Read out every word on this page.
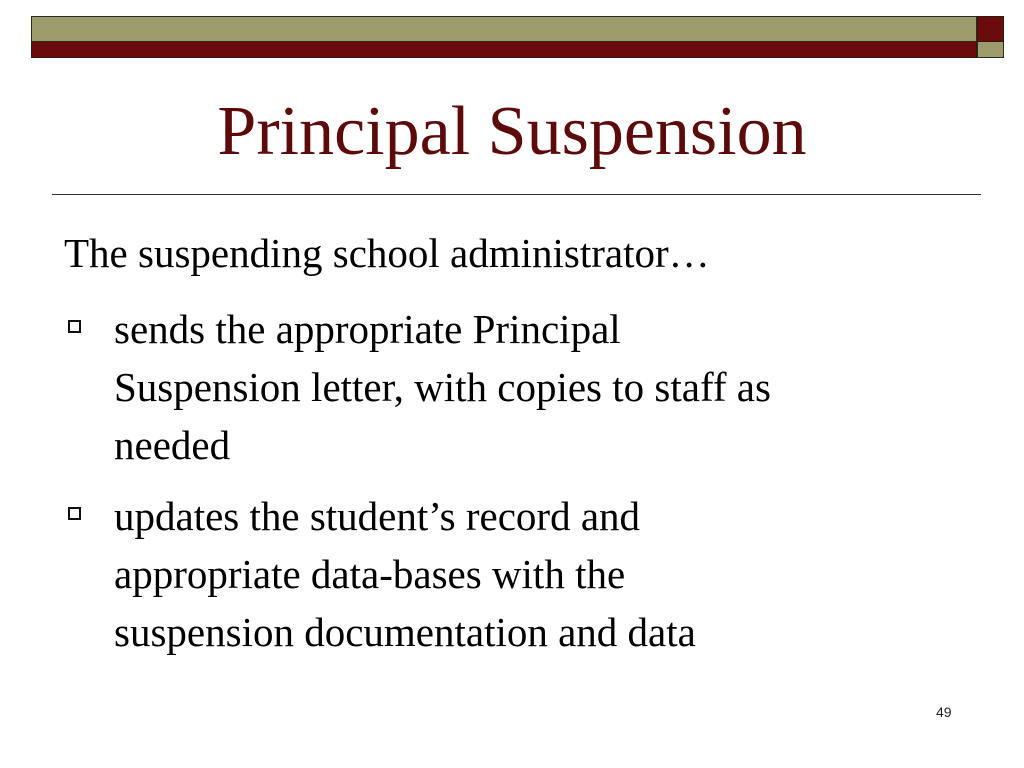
Principal Suspension

The suspending school administrator…

sends the appropriate Principal
Suspension letter, with copies to staff as
needed
updates the student’s record and
appropriate data-bases with the
suspension documentation and data
49
